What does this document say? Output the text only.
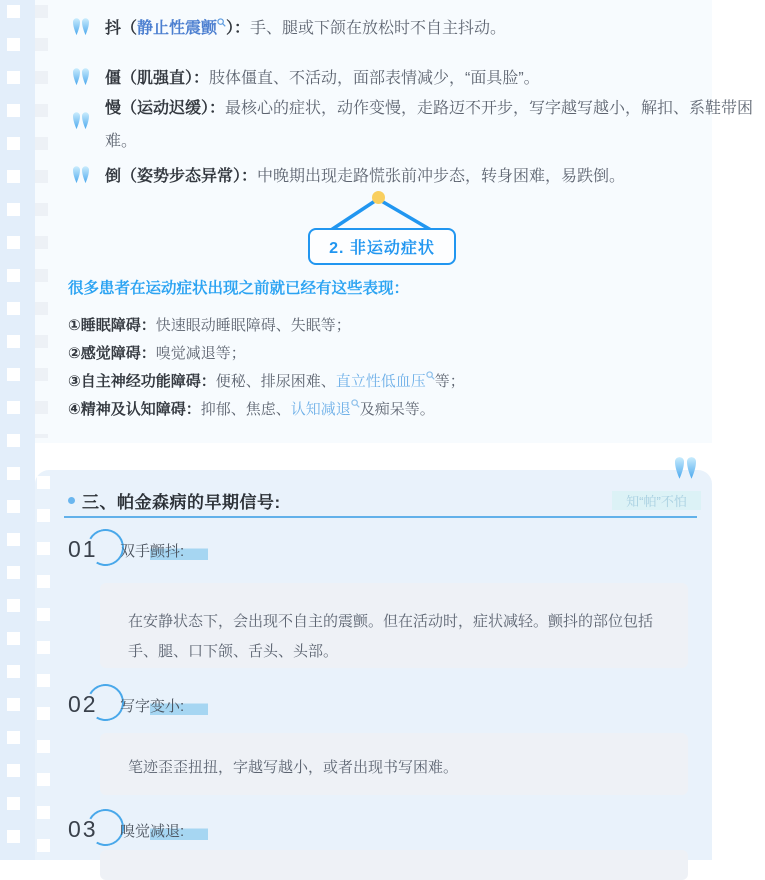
抖（静止性震颤 ）：手、腿或下颌在放松时不自主抖动。
僵（肌强直）：肢体僵直、不活动，面部表情减少，“面具脸”。
慢（运动迟缓）：最核心的症状，动作变慢，走路迈不开步，写字越写越小，解扣、系鞋带困难。
倒（姿势步态异常）：中晚期出现走路慌张前冲步态，转身困难，易跌倒。
2. 非运动症状
很多患者在运动症状出现之前就已经有这些表现：
①睡眠障碍：快速眼动睡眠障碍、失眠等；
②感觉障碍：嗅觉减退等；
③自主神经功能障碍：便秘、排尿困难、直立性低血压 等；
④精神及认知障碍：抑郁、焦虑、认知减退 及痴呆等。
三、帕金森病的早期信号:	知“帕”不怕
01 双手颤抖:
在安静状态下，会出现不自主的震颤。但在活动时，症状减轻。颤抖的部位包括手、腿、口下颌、舌头、头部。
02 写字变小:
笔迹歪歪扭扭，字越写越小，或者出现书写困难。
03 嗅觉减退:
